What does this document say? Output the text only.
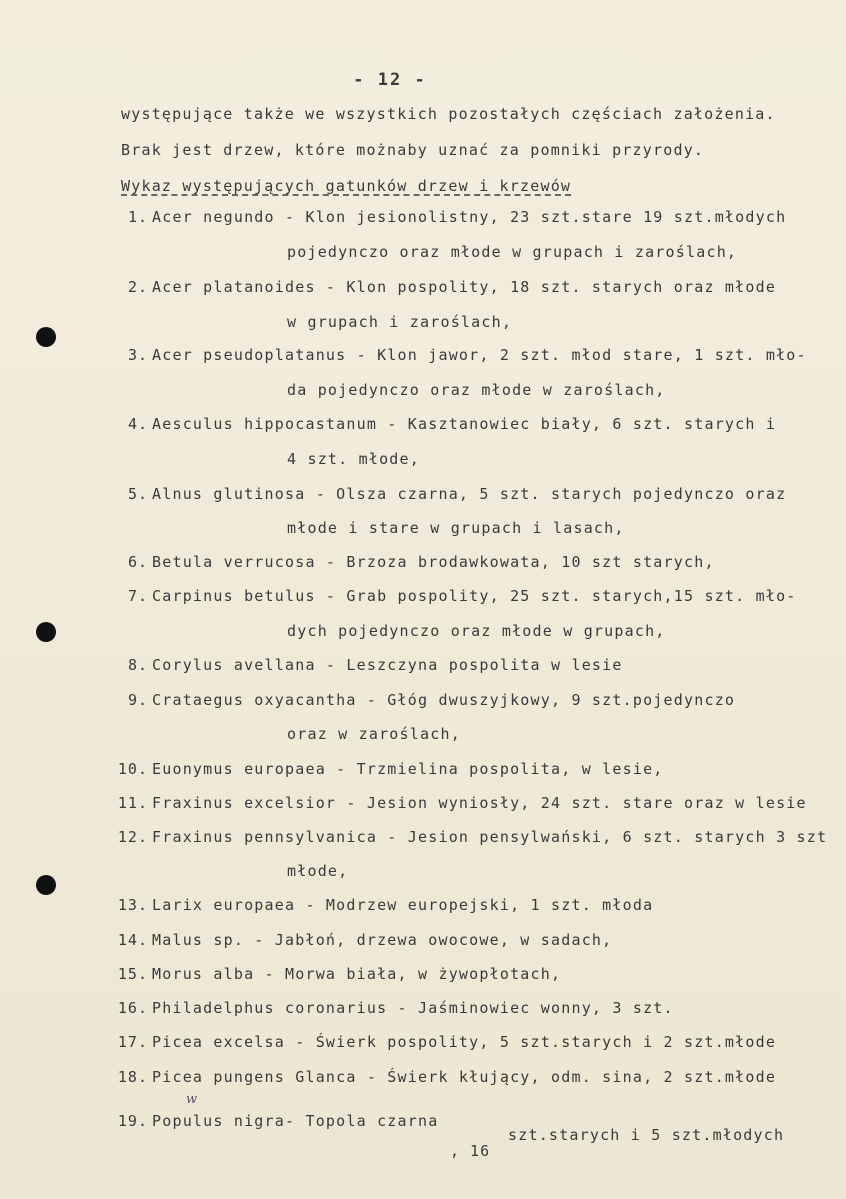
- 12 -
występujące także we wszystkich pozostałych częściach założenia.
Brak jest drzew, które możnaby uznać za pomniki przyrody.
Wykaz występujących gatunków drzew i krzewów
1. Acer negundo - Klon jesionolistny, 23 szt.stare 19 szt.młodych
pojedynczo oraz młode w grupach i zaroślach,
2. Acer platanoides - Klon pospolity, 18 szt. starych oraz młode
w grupach i zaroślach,
3. Acer pseudoplatanus - Klon jawor, 2 szt. młod stare, 1 szt. mło-
da pojedynczo oraz młode w zaroślach,
4. Aesculus hippocastanum - Kasztanowiec biały, 6 szt. starych i
4 szt. młode,
5. Alnus glutinosa - Olsza czarna, 5 szt. starych pojedynczo oraz
młode i stare w grupach i lasach,
6. Betula verrucosa - Brzoza brodawkowata, 10 szt starych,
7. Carpinus betulus - Grab pospolity, 25 szt. starych,15 szt. mło-
dych pojedynczo oraz młode w grupach,
8. Corylus avellana - Leszczyna pospolita w lesie
9. Crataegus oxyacantha - Głóg dwuszyjkowy, 9 szt.pojedynczo
oraz w zaroślach,
10. Euonymus europaea - Trzmielina pospolita, w lesie,
11. Fraxinus excelsior - Jesion wyniosły, 24 szt. stare oraz w lesie
12. Fraxinus pennsylvanica - Jesion pensylwański, 6 szt. starych 3 szt
młode,
13. Larix europaea - Modrzew europejski, 1 szt. młoda
14. Malus sp. - Jabłoń, drzewa owocowe, w sadach,
15. Morus alba - Morwa biała, w żywopłotach,
16. Philadelphus coronarius - Jaśminowiec wonny, 3 szt.
17. Picea excelsa - Świerk pospolity, 5 szt.starych i 2 szt.młode
18. Picea pungens Glanca - Świerk kłujący, odm. sina, 2 szt.młode
19. Populus nigra- Topola czarna
szt.starych i 5 szt.młodych
, 16
w
